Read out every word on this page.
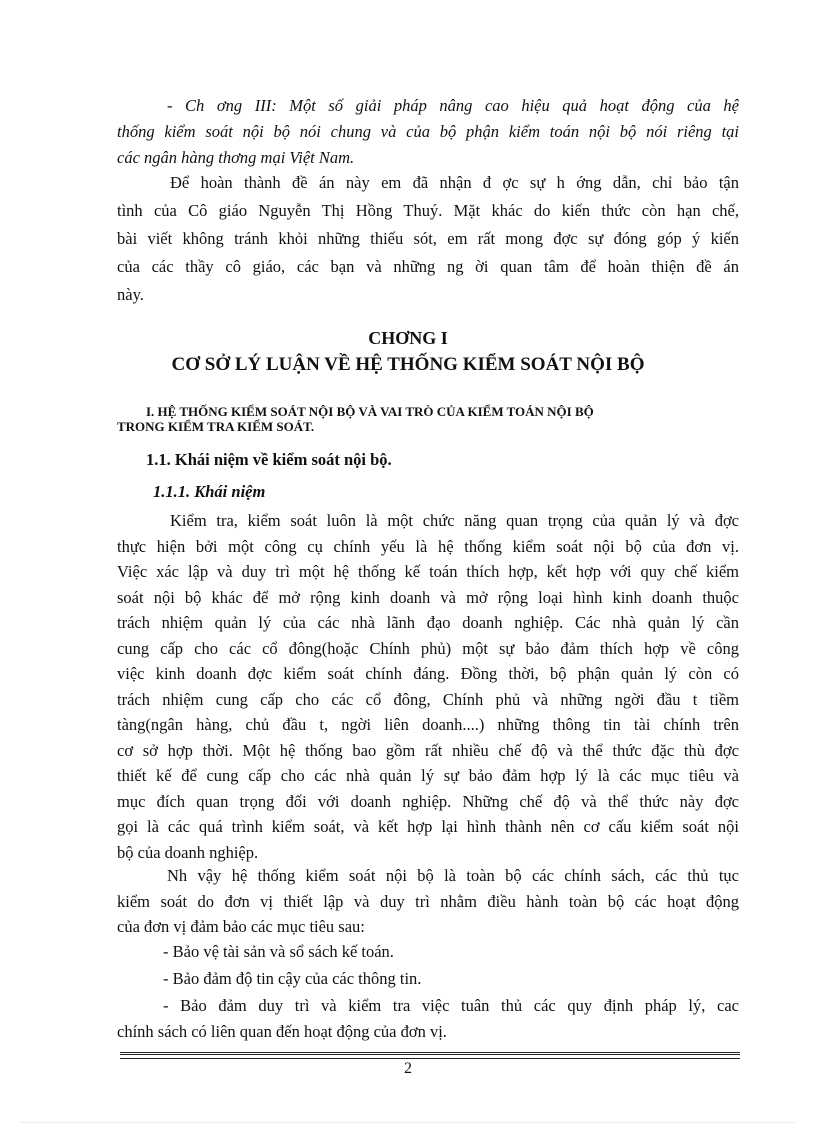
- Ch ơng III: Một số giải pháp nâng cao hiệu quả hoạt động của hệ
thống kiểm soát nội bộ nói chung và của bộ phận kiểm toán nội bộ nói riêng tại
các ngân hàng thơng mại Việt Nam.
Để hoàn thành đề án này em đã nhận đ ợc sự h ớng dẫn, chỉ bảo tận
tình của Cô giáo Nguyễn Thị Hồng Thuý. Mặt khác do kiến thức còn hạn chế,
bài viết không tránh khỏi những thiếu sót, em rất mong đợc sự đóng góp ý kiến
của các thầy cô giáo, các bạn và những ng ời quan tâm để hoàn thiện đề án
này.
CHƠNG I
CƠ SỞ LÝ LUẬN VỀ HỆ THỐNG KIỂM SOÁT NỘI BỘ
I. HỆ THỐNG KIỂM SOÁT NỘI BỘ VÀ VAI TRÒ CỦA KIỂM TOÁN NỘI BỘ
TRONG KIỂM TRA KIỂM SOÁT.
1.1. Khái niệm về kiểm soát nội bộ.
1.1.1. Khái niệm
Kiểm tra, kiểm soát luôn là một chức năng quan trọng của quản lý và đợc
thực hiện bởi một công cụ chính yếu là hệ thống kiểm soát nội bộ của đơn vị.
Việc xác lập và duy trì một hệ thống kế toán thích hợp, kết hợp với quy chế kiểm
soát nội bộ khác để mở rộng kinh doanh và mở rộng loại hình kinh doanh thuộc
trách nhiệm quản lý của các nhà lãnh đạo doanh nghiệp. Các nhà quản lý cần
cung cấp cho các cổ đông(hoặc Chính phủ) một sự bảo đảm thích hợp về công
việc kinh doanh đợc kiểm soát chính đáng. Đồng thời, bộ phận quản lý còn có
trách nhiệm cung cấp cho các cổ đông, Chính phủ và những ngời đầu t tiềm
tàng(ngân hàng, chủ đầu t, ngời liên doanh....) những thông tin tài chính trên
cơ sở hợp thời. Một hệ thống bao gồm rất nhiều chế độ và thể thức đặc thù đợc
thiết kế để cung cấp cho các nhà quản lý sự bảo đảm hợp lý là các mục tiêu và
mục đích quan trọng đối với doanh nghiệp. Những chế độ và thể thức này đợc
gọi là các quá trình kiểm soát, và kết hợp lại hình thành nên cơ cấu kiểm soát nội
bộ của doanh nghiệp.
Nh vậy hệ thống kiểm soát nội bộ là toàn bộ các chính sách, các thủ tục
kiểm soát do đơn vị thiết lập và duy trì nhằm điều hành toàn bộ các hoạt động
của đơn vị đảm bảo các mục tiêu sau:
- Bảo vệ tài sản và sổ sách kế toán.
- Bảo đảm độ tin cậy của các thông tin.
- Bảo đảm duy trì và kiểm tra việc tuân thủ các quy định pháp lý, cac
chính sách có liên quan đến hoạt động của đơn vị.
2
